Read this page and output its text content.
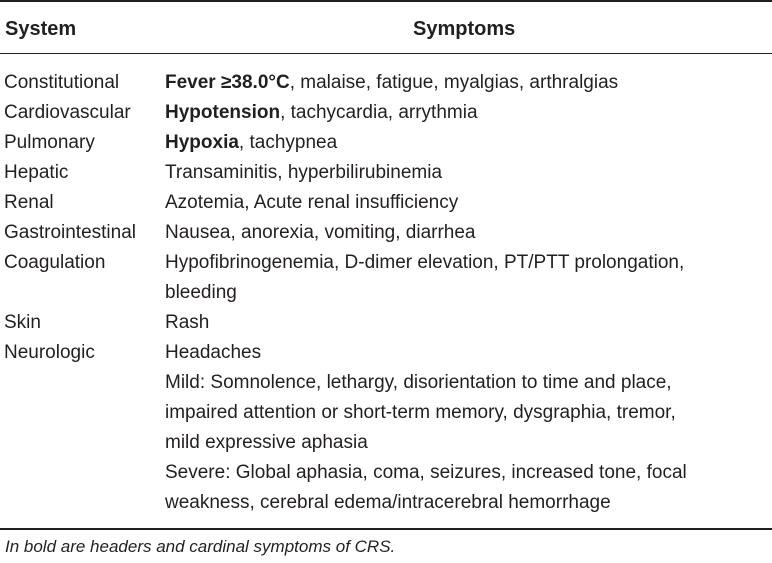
System	Symptoms
Constitutional	Fever ≥38.0°C, malaise, fatigue, myalgias, arthralgias
Cardiovascular	Hypotension, tachycardia, arrythmia
Pulmonary	Hypoxia, tachypnea
Hepatic	Transaminitis, hyperbilirubinemia
Renal	Azotemia, Acute renal insufficiency
Gastrointestinal	Nausea, anorexia, vomiting, diarrhea
Coagulation	Hypofibrinogenemia, D-dimer elevation, PT/PTT prolongation,
bleeding
Skin	Rash
Neurologic	Headaches
Mild: Somnolence, lethargy, disorientation to time and place,
impaired attention or short-term memory, dysgraphia, tremor,
mild expressive aphasia
Severe: Global aphasia, coma, seizures, increased tone, focal
weakness, cerebral edema/intracerebral hemorrhage
In bold are headers and cardinal symptoms of CRS.
